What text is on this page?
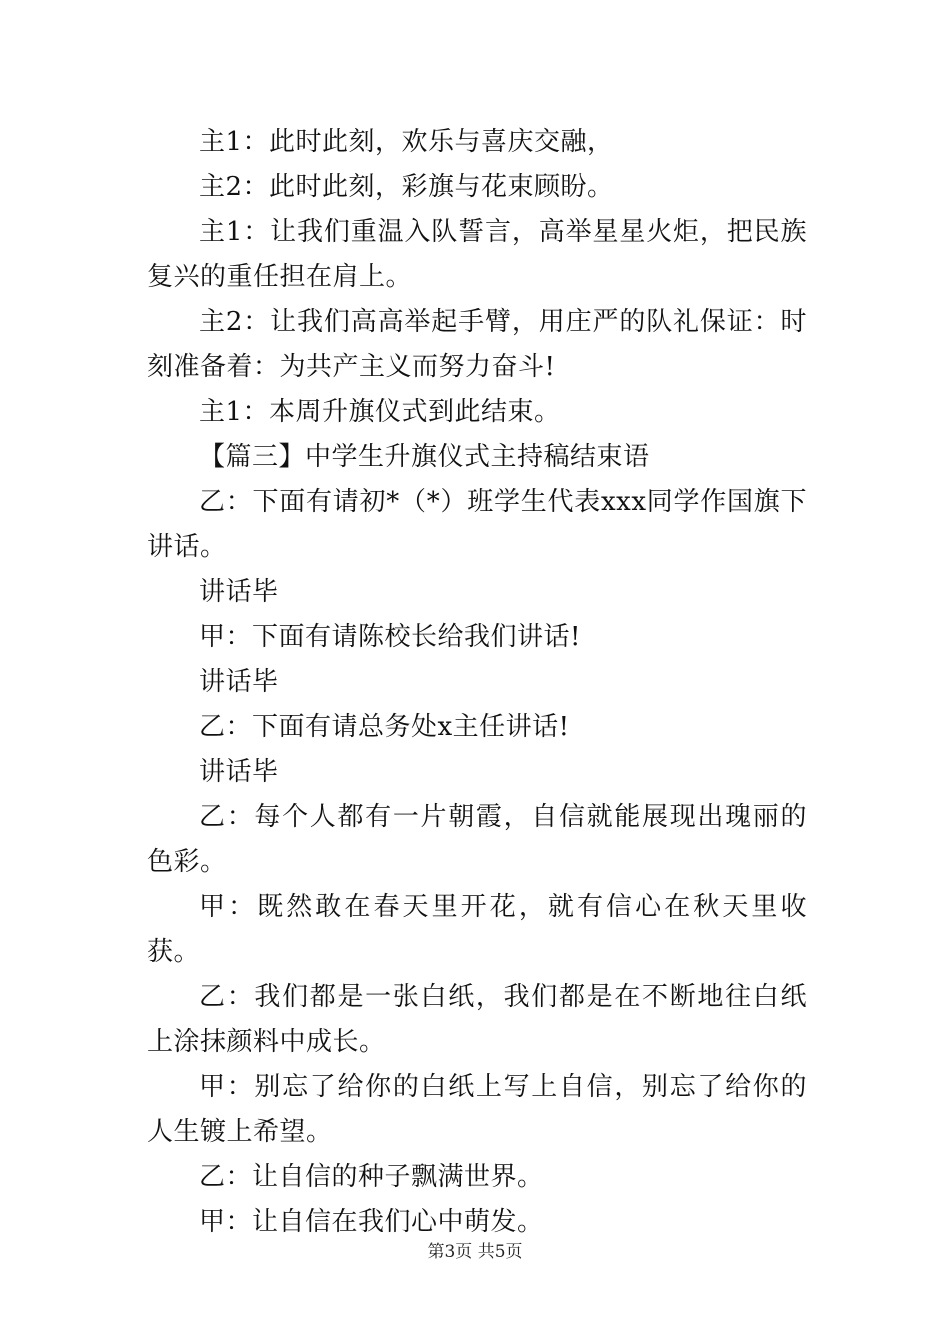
主1：此时此刻，欢乐与喜庆交融，

主2：此时此刻，彩旗与花束顾盼。

主1：让我们重温入队誓言，高举星星火炬，把民族复兴的重任担在肩上。

主2：让我们高高举起手臂，用庄严的队礼保证：时刻准备着：为共产主义而努力奋斗!

主1：本周升旗仪式到此结束。

【篇三】中学生升旗仪式主持稿结束语

乙：下面有请初*（*）班学生代表xxx同学作国旗下讲话。

讲话毕

甲：下面有请陈校长给我们讲话!

讲话毕

乙：下面有请总务处x主任讲话!

讲话毕

乙：每个人都有一片朝霞，自信就能展现出瑰丽的色彩。

甲：既然敢在春天里开花，就有信心在秋天里收获。

乙：我们都是一张白纸，我们都是在不断地往白纸上涂抹颜料中成长。

甲：别忘了给你的白纸上写上自信，别忘了给你的人生镀上希望。

乙：让自信的种子飘满世界。

甲：让自信在我们心中萌发。

第3页 共5页
